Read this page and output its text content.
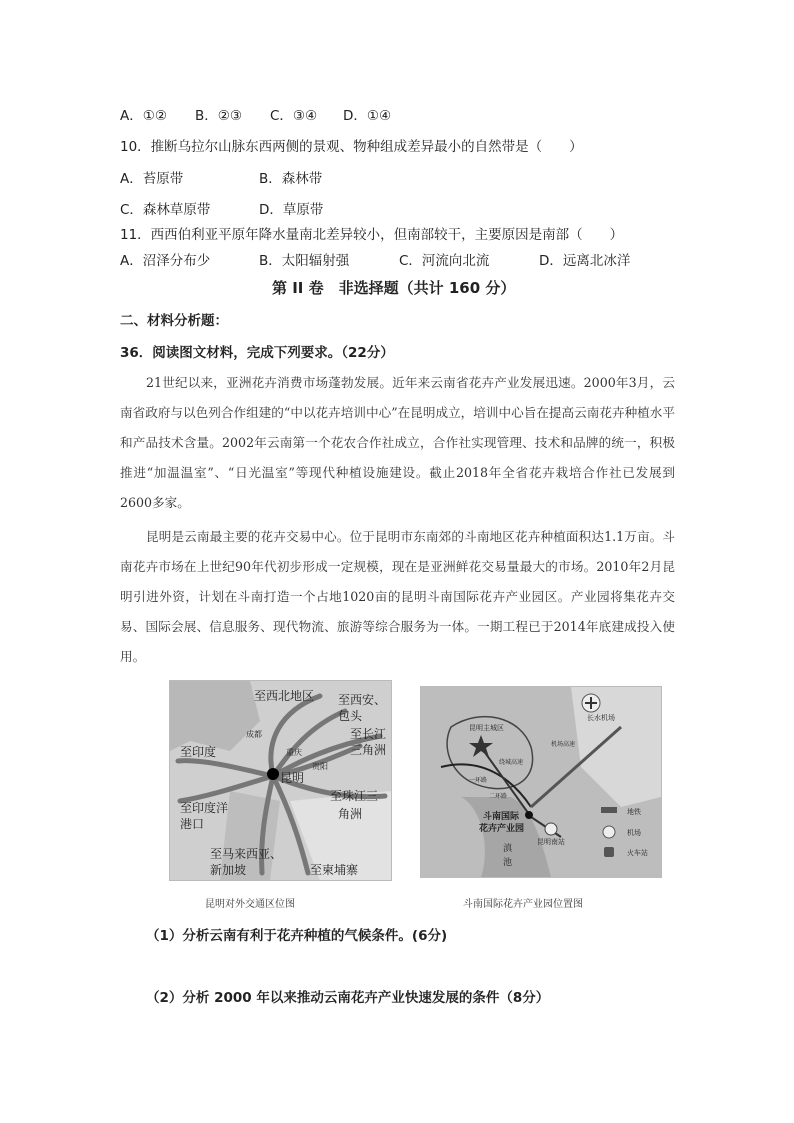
A．①② B．②③ C．③④ D．①④
10．推断乌拉尔山脉东西两侧的景观、物种组成差异最小的自然带是（　　）
A．苔原带	B．森林带
C．森林草原带	D．草原带
11．西西伯利亚平原年降水量南北差异较小，但南部较干，主要原因是南部（　　）
A．沼泽分布少	B．太阳辐射强	C．河流向北流	D．远离北冰洋
第 II 卷　非选择题（共计 160 分）
二、材料分析题：
36．阅读图文材料，完成下列要求。（22分）
21世纪以来，亚洲花卉消费市场蓬勃发展。近年来云南省花卉产业发展迅速。2000年3月，云南省政府与以色列合作组建的“中以花卉培训中心”在昆明成立，培训中心旨在提高云南花卉种植水平和产品技术含量。2002年云南第一个花农合作社成立，合作社实现管理、技术和品牌的统一，积极推进“加温温室”、“日光温室”等现代种植设施建设。截止2018年全省花卉栽培合作社已发展到2600多家。
昆明是云南最主要的花卉交易中心。位于昆明市东南郊的斗南地区花卉种植面积达1.1万亩。斗南花卉市场在上世纪90年代初步形成一定规模，现在是亚洲鲜花交易量最大的市场。2010年2月昆明引进外资，计划在斗南打造一个占地1020亩的昆明斗南国际花卉产业园区。产业园将集花卉交易、国际会展、信息服务、现代物流、旅游等综合服务为一体。一期工程已于2014年底建成投入使用。
至西北地区 至西安、
包头
至长江
三角洲
成都
重庆
贵阳
昆明
至印度
至印度洋
港口
至珠江三
角洲
至马来西亚、
新加坡	至柬埔寨
昆明对外交通区位图
昆明主城区
长水机场
一环路
二环路
绕城高速
机场高速
斗南国际
花卉产业园
滇
池
昆明南站
地铁
机场
火车站
斗南国际花卉产业园位置图
（1）分析云南有利于花卉种植的气候条件。(6分)
（2）分析 2000 年以来推动云南花卉产业快速发展的条件（8分）
